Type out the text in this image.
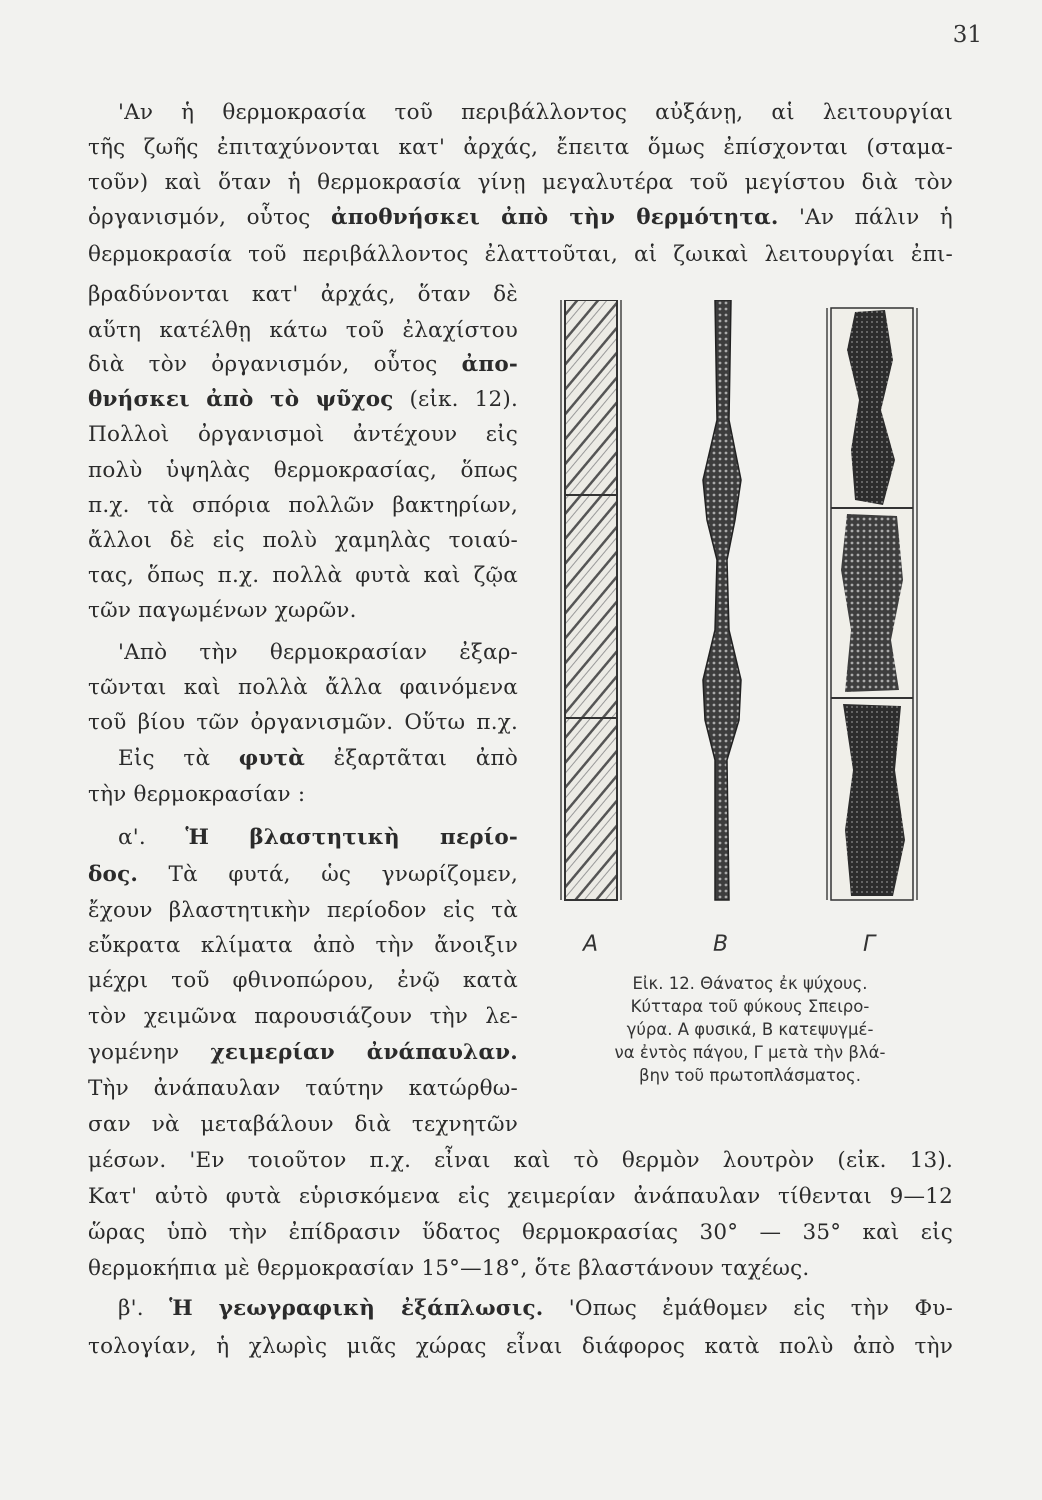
31
'Αν ἡ θερμοκρασία τοῦ περιβάλλοντος αὐξάνῃ, αἱ λειτουργίαι
τῆς ζωῆς ἐπιταχύνονται κατ' ἀρχάς, ἔπειτα ὅμως ἐπίσχονται (σταμα-
τοῦν) καὶ ὅταν ἡ θερμοκρασία γίνῃ μεγαλυτέρα τοῦ μεγίστου διὰ τὸν
ὀργανισμόν, οὗτος ἀποθνήσκει ἀπὸ τὴν θερμότητα. 'Αν πάλιν ἡ
θερμοκρασία τοῦ περιβάλλοντος ἐλαττοῦται, αἱ ζωικαὶ λειτουργίαι ἐπι-
βραδύνονται κατ' ἀρχάς, ὅταν δὲ
αὕτη κατέλθῃ κάτω τοῦ ἐλαχίστου
διὰ τὸν ὀργανισμόν, οὗτος ἀπο-
θνήσκει ἀπὸ τὸ ψῦχος (εἰκ. 12).
Πολλοὶ ὀργανισμοὶ ἀντέχουν εἰς
πολὺ ὑψηλὰς θερμοκρασίας, ὅπως
π.χ. τὰ σπόρια πολλῶν βακτηρίων,
ἄλλοι δὲ εἰς πολὺ χαμηλὰς τοιαύ-
τας, ὅπως π.χ. πολλὰ φυτὰ καὶ ζῷα
τῶν παγωμένων χωρῶν.
'Απὸ τὴν θερμοκρασίαν ἐξαρ-
τῶνται καὶ πολλὰ ἄλλα φαινόμενα
τοῦ βίου τῶν ὀργανισμῶν. Οὕτω π.χ.
Εἰς τὰ φυτὰ ἐξαρτᾶται ἀπὸ
τὴν θερμοκρασίαν :
α'. Ἡ βλαστητικὴ περίο-
δος. Τὰ φυτά, ὡς γνωρίζομεν,
ἔχουν βλαστητικὴν περίοδον εἰς τὰ
εὔκρατα κλίματα ἀπὸ τὴν ἄνοιξιν
μέχρι τοῦ φθινοπώρου, ἐνῷ κατὰ
τὸν χειμῶνα παρουσιάζουν τὴν λε-
γομένην χειμερίαν ἀνάπαυλαν.
Τὴν ἀνάπαυλαν ταύτην κατώρθω-
σαν νὰ μεταβάλουν διὰ τεχνητῶν
μέσων. 'Εν τοιοῦτον π.χ. εἶναι καὶ τὸ θερμὸν λουτρὸν (εἰκ. 13).
Κατ' αὐτὸ φυτὰ εὑρισκόμενα εἰς χειμερίαν ἀνάπαυλαν τίθενται 9—12
ὥρας ὑπὸ τὴν ἐπίδρασιν ὕδατος θερμοκρασίας 30° — 35° καὶ εἰς
θερμοκήπια μὲ θερμοκρασίαν 15°—18°, ὅτε βλαστάνουν ταχέως.
β'. Ἡ γεωγραφικὴ ἐξάπλωσις. 'Οπως ἐμάθομεν εἰς τὴν Φυ-
τολογίαν, ἡ χλωρὶς μιᾶς χώρας εἶναι διάφορος κατὰ πολὺ ἀπὸ τὴν
Α	Β	Γ
Εἰκ. 12. Θάνατος ἐκ ψύχους.
Κύτταρα τοῦ φύκους Σπειρο-
γύρα. Α φυσικά, Β κατεψυγμέ-
να ἐντὸς πάγου, Γ μετὰ τὴν βλά-
βην τοῦ πρωτοπλάσματος.
